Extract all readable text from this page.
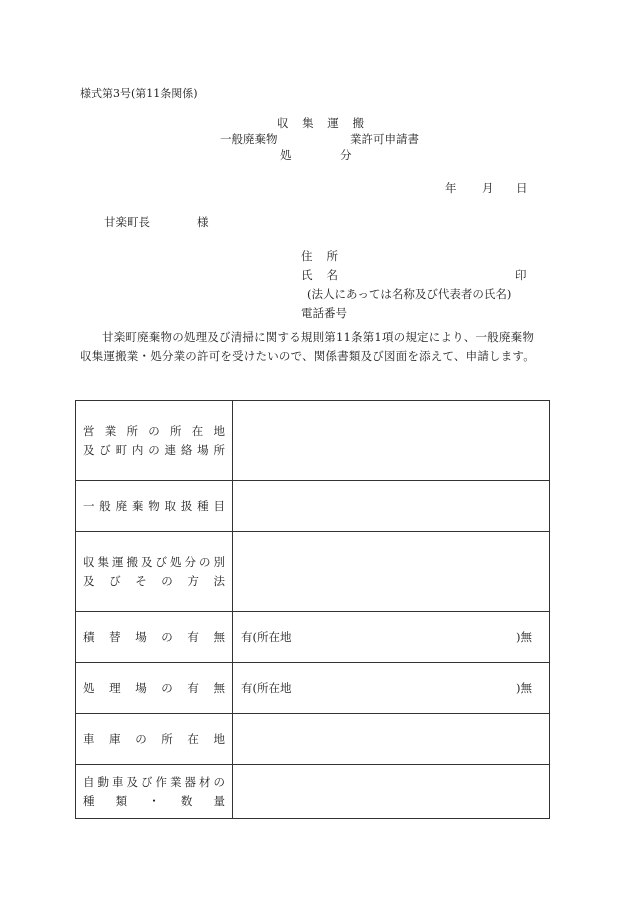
様式第3号(第11条関係)
収 集 運 搬
一般廃棄物	業許可申請書
処	分
年 月 日
甘楽町長	様
住所
氏名	印
(法人にあっては名称及び代表者の氏名)
電話番号
甘楽町廃棄物の処理及び清掃に関する規則第11条第1項の規定により、一般廃棄物収集運搬業・処分業の許可を受けたいので、関係書類及び図面を添えて、申請します。
営業所の所在地
及び町内の連絡場所	

一般廃棄物取扱種目	

収集運搬及び処分の別
及びその方法	

積替場の有無	有(所在地 )無

処理場の有無	有(所在地 )無

車庫の所在地	

自動車及び作業器材の
種類・数量	
